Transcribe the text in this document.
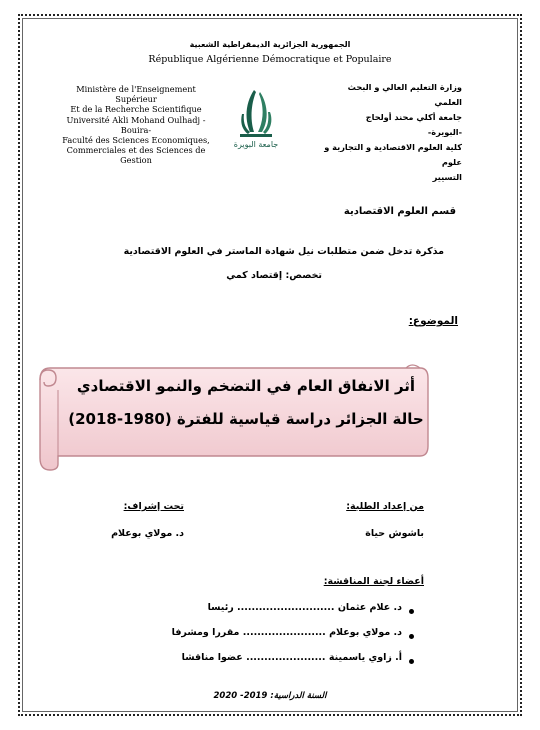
الجمهورية الجزائرية الديمقراطية الشعبية
République Algérienne Démocratique et Populaire
Ministère de l'Enseignement
Supérieur
Et de la Recherche Scientifique
Université Akli Mohand Oulhadj -
Bouira-
Faculté des Sciences Economiques,
Commerciales et des Sciences de
Gestion
جامعة البويرة
وزارة التعليم العالي و البحث العلمي
جامعة أكلي محند أولحاج
-البويرة-
كلية العلوم الاقتصادية و التجارية و علوم
التسيير
قسم العلوم الاقتصادية
مذكرة تدخل ضمن متطلبات نيل شهادة الماستر في العلوم الاقتصادية
تخصص: إقتصاد كمي
الموضوع:
أثر الانفاق العام في التضخم والنمو الاقتصادي
حالة الجزائر دراسة قياسية للفترة (1980-2018)
من إعداد الطلبة:
باشوش حياة
تحت إشراف:
د. مولاي بوعلام
أعضاء لجنة المناقشة:
د. علام عثمان ........................... رئيسا
د. مولاي بوعلام ....................... مقررا ومشرفا
أ. زاوي ياسمينة ...................... عضوا مناقشا
السنة الدراسية: 2019- 2020
